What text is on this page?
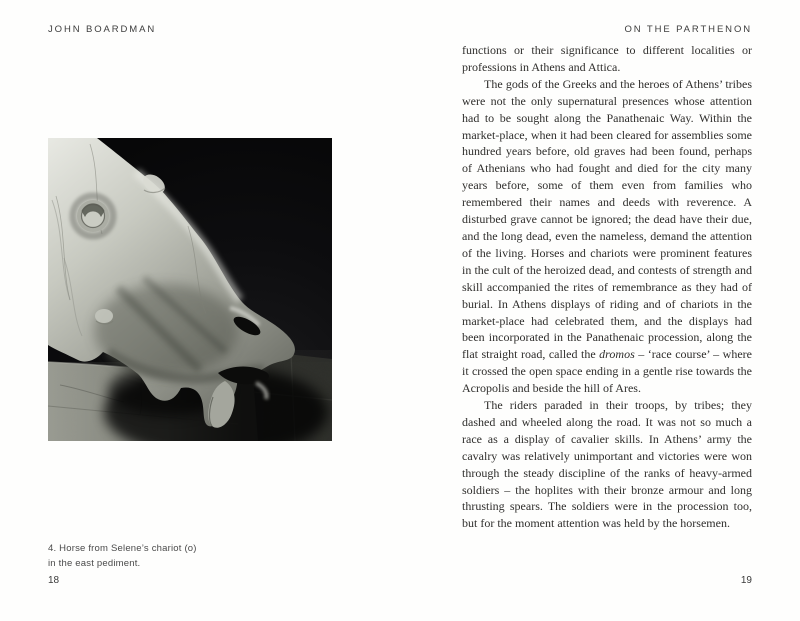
JOHN BOARDMAN
4. Horse from Selene’s chariot (o)
in the east pediment.
18
ON THE PARTHENON

functions or their significance to different localities or professions in Athens and Attica.

The gods of the Greeks and the heroes of Athens’ tribes were not the only supernatural presences whose attention had to be sought along the Panathenaic Way. Within the market-place, when it had been cleared for assemblies some hundred years before, old graves had been found, perhaps of Athenians who had fought and died for the city many years before, some of them even from families who remembered their names and deeds with reverence. A disturbed grave cannot be ignored; the dead have their due, and the long dead, even the nameless, demand the attention of the living. Horses and chariots were prominent features in the cult of the heroized dead, and contests of strength and skill accompanied the rites of remembrance as they had of burial. In Athens displays of riding and of chariots in the market-place had celebrated them, and the displays had been incorporated in the Panathenaic procession, along the flat straight road, called the dromos – ‘race course’ – where it crossed the open space ending in a gentle rise towards the Acropolis and beside the hill of Ares.

The riders paraded in their troops, by tribes; they dashed and wheeled along the road. It was not so much a race as a display of cavalier skills. In Athens’ army the cavalry was relatively unimportant and victories were won through the steady discipline of the ranks of heavy-armed soldiers – the hoplites with their bronze armour and long thrusting spears. The soldiers were in the procession too, but for the moment attention was held by the horsemen.

19
